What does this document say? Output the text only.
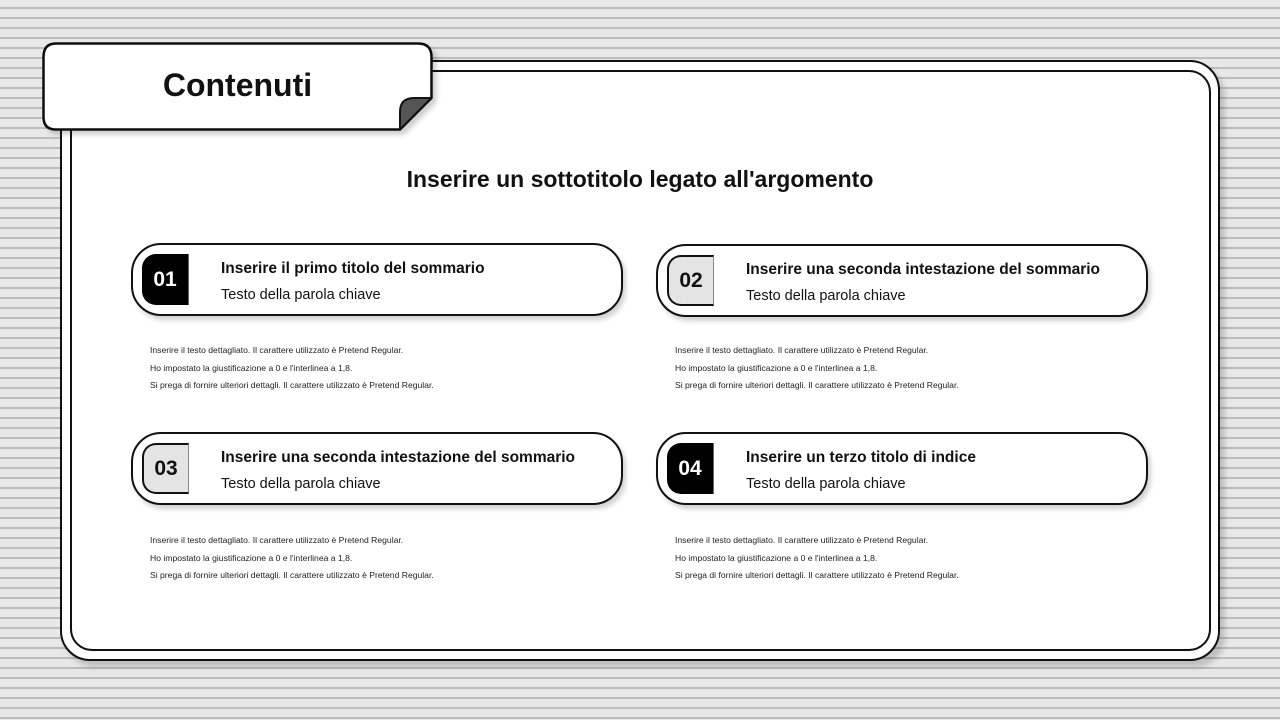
Contenuti
Inserire un sottotitolo legato all'argomento
01	Inserire il primo titolo del sommario
Testo della parola chiave
Inserire il testo dettagliato. Il carattere utilizzato è Pretend Regular.
Ho impostato la giustificazione a 0 e l'interlinea a 1,8.
Si prega di fornire ulteriori dettagli. Il carattere utilizzato è Pretend Regular.
02	Inserire una seconda intestazione del sommario
Testo della parola chiave
Inserire il testo dettagliato. Il carattere utilizzato è Pretend Regular.
Ho impostato la giustificazione a 0 e l'interlinea a 1,8.
Si prega di fornire ulteriori dettagli. Il carattere utilizzato è Pretend Regular.
03	Inserire una seconda intestazione del sommario
Testo della parola chiave
Inserire il testo dettagliato. Il carattere utilizzato è Pretend Regular.
Ho impostato la giustificazione a 0 e l'interlinea a 1,8.
Si prega di fornire ulteriori dettagli. Il carattere utilizzato è Pretend Regular.
04	Inserire un terzo titolo di indice
Testo della parola chiave
Inserire il testo dettagliato. Il carattere utilizzato è Pretend Regular.
Ho impostato la giustificazione a 0 e l'interlinea a 1,8.
Si prega di fornire ulteriori dettagli. Il carattere utilizzato è Pretend Regular.
